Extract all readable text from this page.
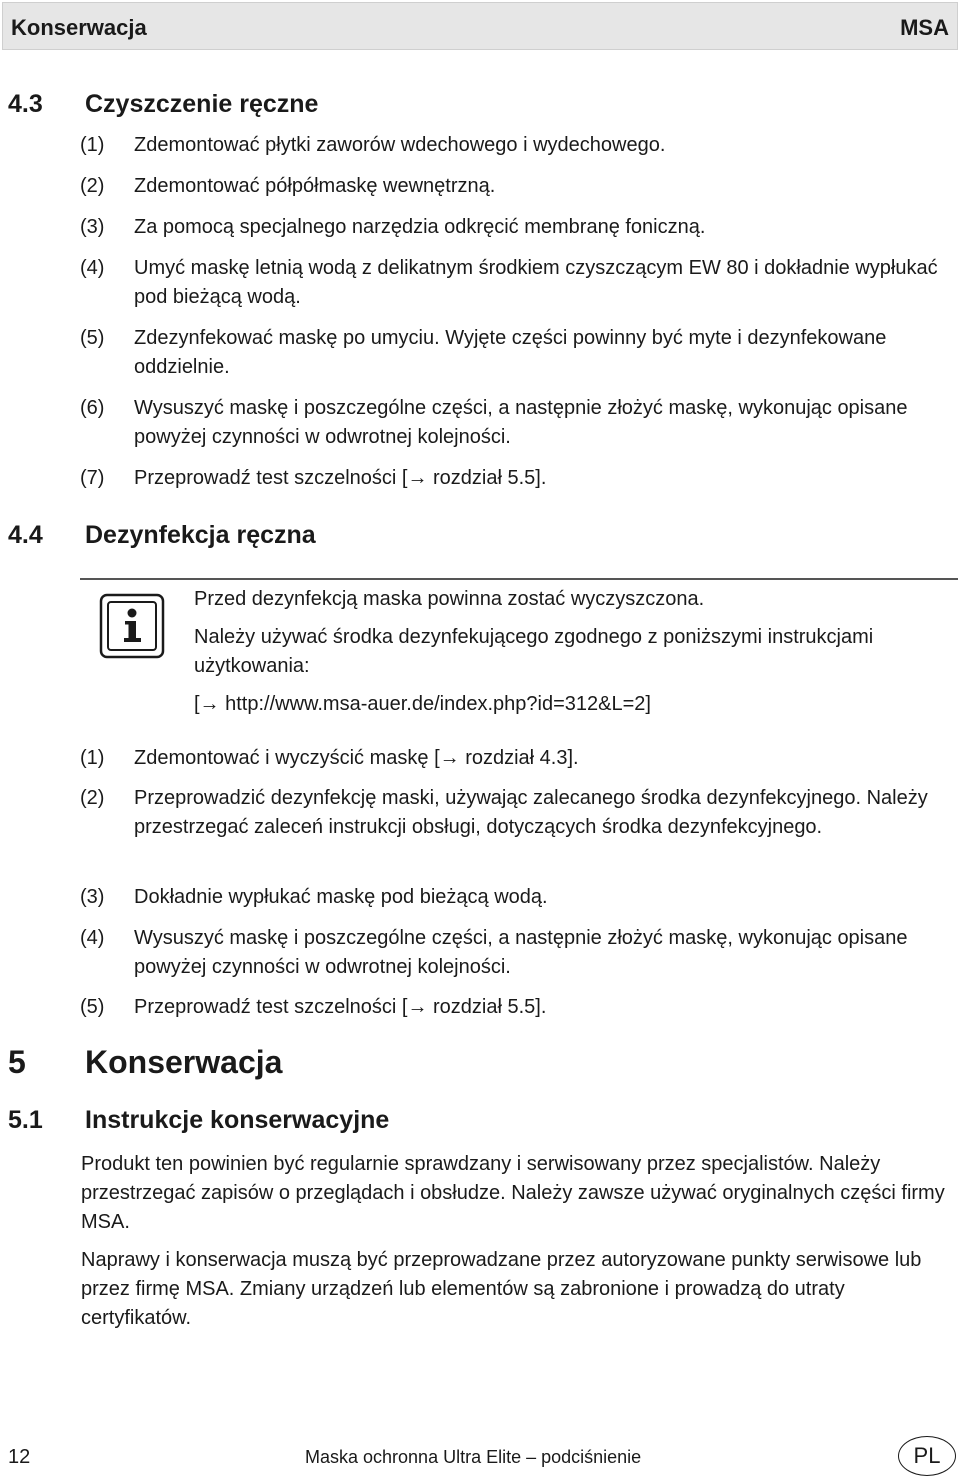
Konserwacja	MSA
4.3 Czyszczenie ręczne
(1) Zdemontować płytki zaworów wdechowego i wydechowego.
(2) Zdemontować półpółmaskę wewnętrzną.
(3) Za pomocą specjalnego narzędzia odkręcić membranę foniczną.
(4) Umyć maskę letnią wodą z delikatnym środkiem czyszczącym EW 80 i dokładnie wypłukać pod bieżącą wodą.
(5) Zdezynfekować maskę po umyciu. Wyjęte części powinny być myte i dezynfekowane oddzielnie.
(6) Wysuszyć maskę i poszczególne części, a następnie złożyć maskę, wykonując opisane powyżej czynności w odwrotnej kolejności.
(7) Przeprowadź test szczelności [→ rozdział 5.5].
4.4 Dezynfekcja ręczna
Przed dezynfekcją maska powinna zostać wyczyszczona.
Należy używać środka dezynfekującego zgodnego z poniższymi instrukcjami użytkowania:
[→ http://www.msa-auer.de/index.php?id=312&L=2]
(1) Zdemontować i wyczyścić maskę [→ rozdział 4.3].
(2) Przeprowadzić dezynfekcję maski, używając zalecanego środka dezynfekcyjnego. Należy przestrzegać zaleceń instrukcji obsługi, dotyczących środka dezynfekcyjnego.
(3) Dokładnie wypłukać maskę pod bieżącą wodą.
(4) Wysuszyć maskę i poszczególne części, a następnie złożyć maskę, wykonując opisane powyżej czynności w odwrotnej kolejności.
(5) Przeprowadź test szczelności [→ rozdział 5.5].
5 Konserwacja
5.1 Instrukcje konserwacyjne
Produkt ten powinien być regularnie sprawdzany i serwisowany przez specjalistów. Należy przestrzegać zapisów o przeglądach i obsłudze. Należy zawsze używać oryginalnych części firmy MSA.
Naprawy i konserwacja muszą być przeprowadzane przez autoryzowane punkty serwisowe lub przez firmę MSA. Zmiany urządzeń lub elementów są zabronione i prowadzą do utraty certyfikatów.
12	Maska ochronna Ultra Elite – podciśnienie	PL
